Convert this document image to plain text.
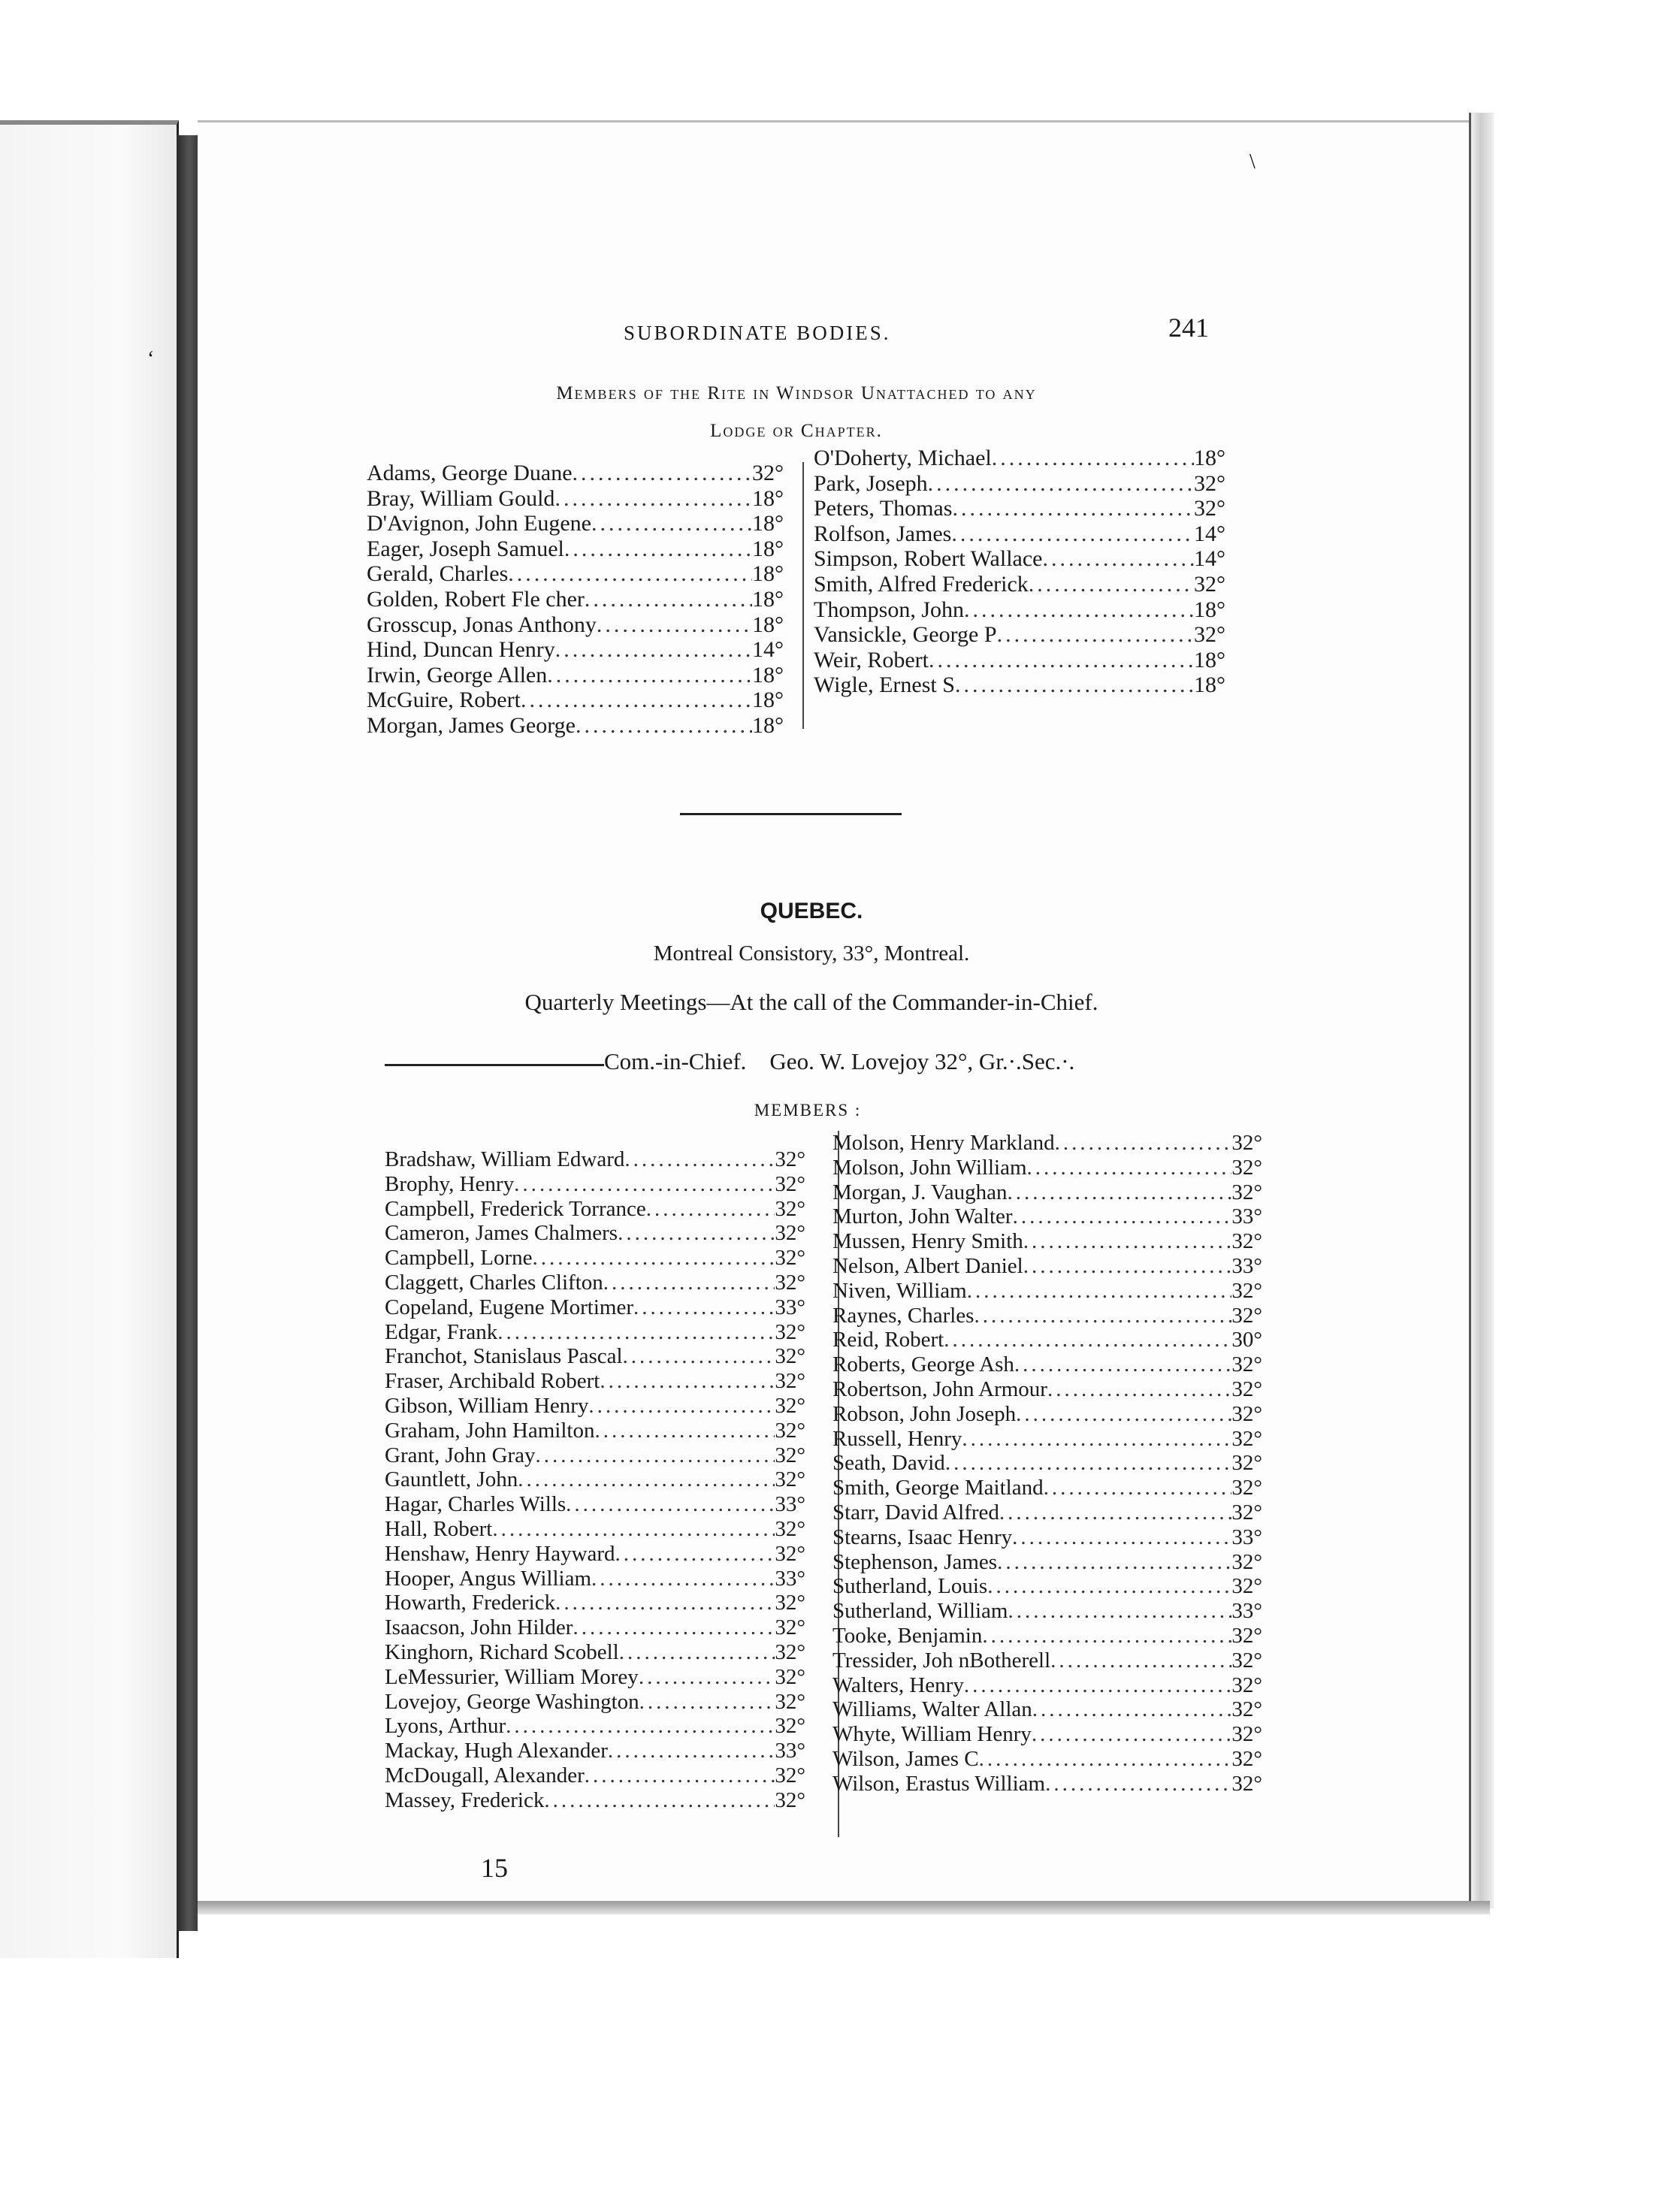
‘
\
SUBORDINATE BODIES.	241
Members of the Rite in Windsor Unattached to any
Lodge or Chapter.
Adams, George Duane .....	32°
Bray, William Gould .....	18°
D'Avignon, John Eugene .....	18°
Eager, Joseph Samuel .....	18°
Gerald, Charles .....	18°
Golden, Robert Fle cher .....	18°
Grosscup, Jonas Anthony .....	18°
Hind, Duncan Henry .....	14°
Irwin, George Allen .....	18°
McGuire, Robert .....	18°
Morgan, James George .....	18°
O'Doherty, Michael .....	18°
Park, Joseph .....	32°
Peters, Thomas .....	32°
Rolfson, James .....	14°
Simpson, Robert Wallace .....	14°
Smith, Alfred Frederick .....	32°
Thompson, John .....	18°
Vansickle, George P .....	32°
Weir, Robert .....	18°
Wigle, Ernest S .....	18°
QUEBEC.
Montreal Consistory, 33°, Montreal.
Quarterly Meetings—At the call of the Commander-in-Chief.
Com.-in-Chief. Geo. W. Lovejoy 32°, Gr.·.Sec.·.
MEMBERS :
Bradshaw, William Edward .....	32°
Brophy, Henry .....	32°
Campbell, Frederick Torrance .....	32°
Cameron, James Chalmers .....	32°
Campbell, Lorne .....	32°
Claggett, Charles Clifton .....	32°
Copeland, Eugene Mortimer .....	33°
Edgar, Frank .....	32°
Franchot, Stanislaus Pascal .....	32°
Fraser, Archibald Robert .....	32°
Gibson, William Henry .....	32°
Graham, John Hamilton .....	32°
Grant, John Gray .....	32°
Gauntlett, John .....	32°
Hagar, Charles Wills .....	33°
Hall, Robert .....	32°
Henshaw, Henry Hayward .....	32°
Hooper, Angus William .....	33°
Howarth, Frederick .....	32°
Isaacson, John Hilder .....	32°
Kinghorn, Richard Scobell .....	32°
LeMessurier, William Morey .....	32°
Lovejoy, George Washington .....	32°
Lyons, Arthur .....	32°
Mackay, Hugh Alexander .....	33°
McDougall, Alexander .....	32°
Massey, Frederick .....	32°
Molson, Henry Markland .....	32°
Molson, John William .....	32°
Morgan, J. Vaughan .....	32°
Murton, John Walter .....	33°
Mussen, Henry Smith .....	32°
Nelson, Albert Daniel .....	33°
Niven, William .....	32°
Raynes, Charles .....	32°
Reid, Robert .....	30°
Roberts, George Ash .....	32°
Robertson, John Armour .....	32°
Robson, John Joseph .....	32°
Russell, Henry .....	32°
Seath, David .....	32°
Smith, George Maitland .....	32°
Starr, David Alfred .....	32°
Stearns, Isaac Henry .....	33°
Stephenson, James .....	32°
Sutherland, Louis .....	32°
Sutherland, William .....	33°
Tooke, Benjamin .....	32°
Tressider, Joh nBotherell .....	32°
Walters, Henry .....	32°
Williams, Walter Allan .....	32°
Whyte, William Henry .....	32°
Wilson, James C .....	32°
Wilson, Erastus William .....	32°
15
